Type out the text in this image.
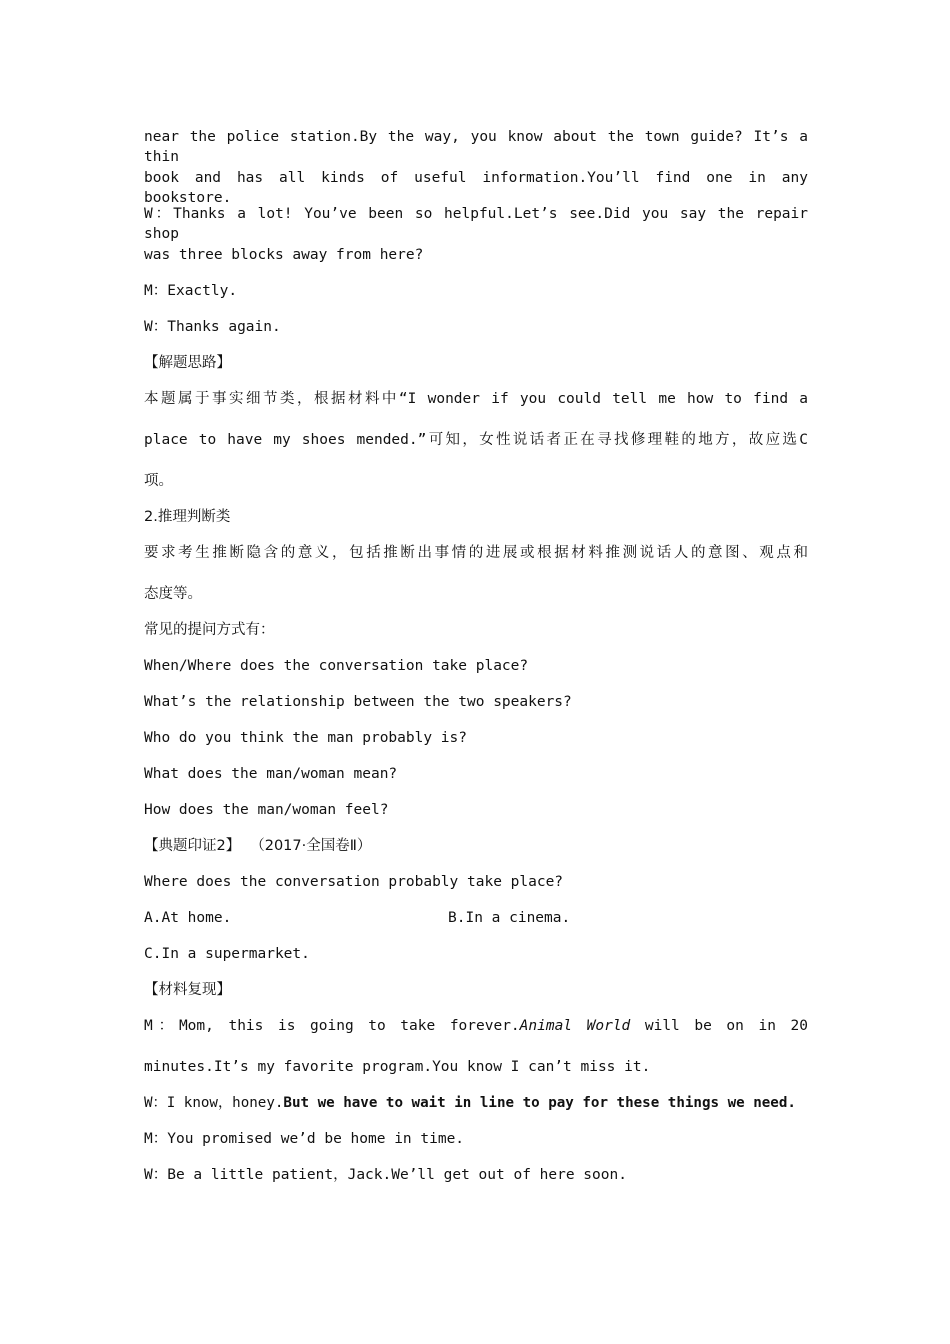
near the police station.By the way, you know about the town guide? It’s a thin
book and has all kinds of useful information.You’ll find one in any bookstore.
W：Thanks a lot! You’ve been so helpful.Let’s see.Did you say the repair shop
was three blocks away from here?
M：Exactly.
W：Thanks again.
【解题思路】
本题属于事实细节类，根据材料中“I wonder if you could tell me how to find a
place to have my shoes mended.”可知，女性说话者正在寻找修理鞋的地方，故应选C
项。
2.推理判断类
要求考生推断隐含的意义，包括推断出事情的进展或根据材料推测说话人的意图、观点和
态度等。
常见的提问方式有：
When/Where does the conversation take place?
What’s the relationship between the two speakers?
Who do you think the man probably is?
What does the man/woman mean?
How does the man/woman feel?
【典题印证2】 （2017·全国卷Ⅱ）
Where does the conversation probably take place?
A.At home.	B.In a cinema.
C.In a supermarket.
【材料复现】
M：Mom, this is going to take forever.Animal World will be on in 20
minutes.It’s my favorite program.You know I can’t miss it.
W：I know，honey.But we have to wait in line to pay for these things we need.
M：You promised we’d be home in time.
W：Be a little patient，Jack.We’ll get out of here soon.
